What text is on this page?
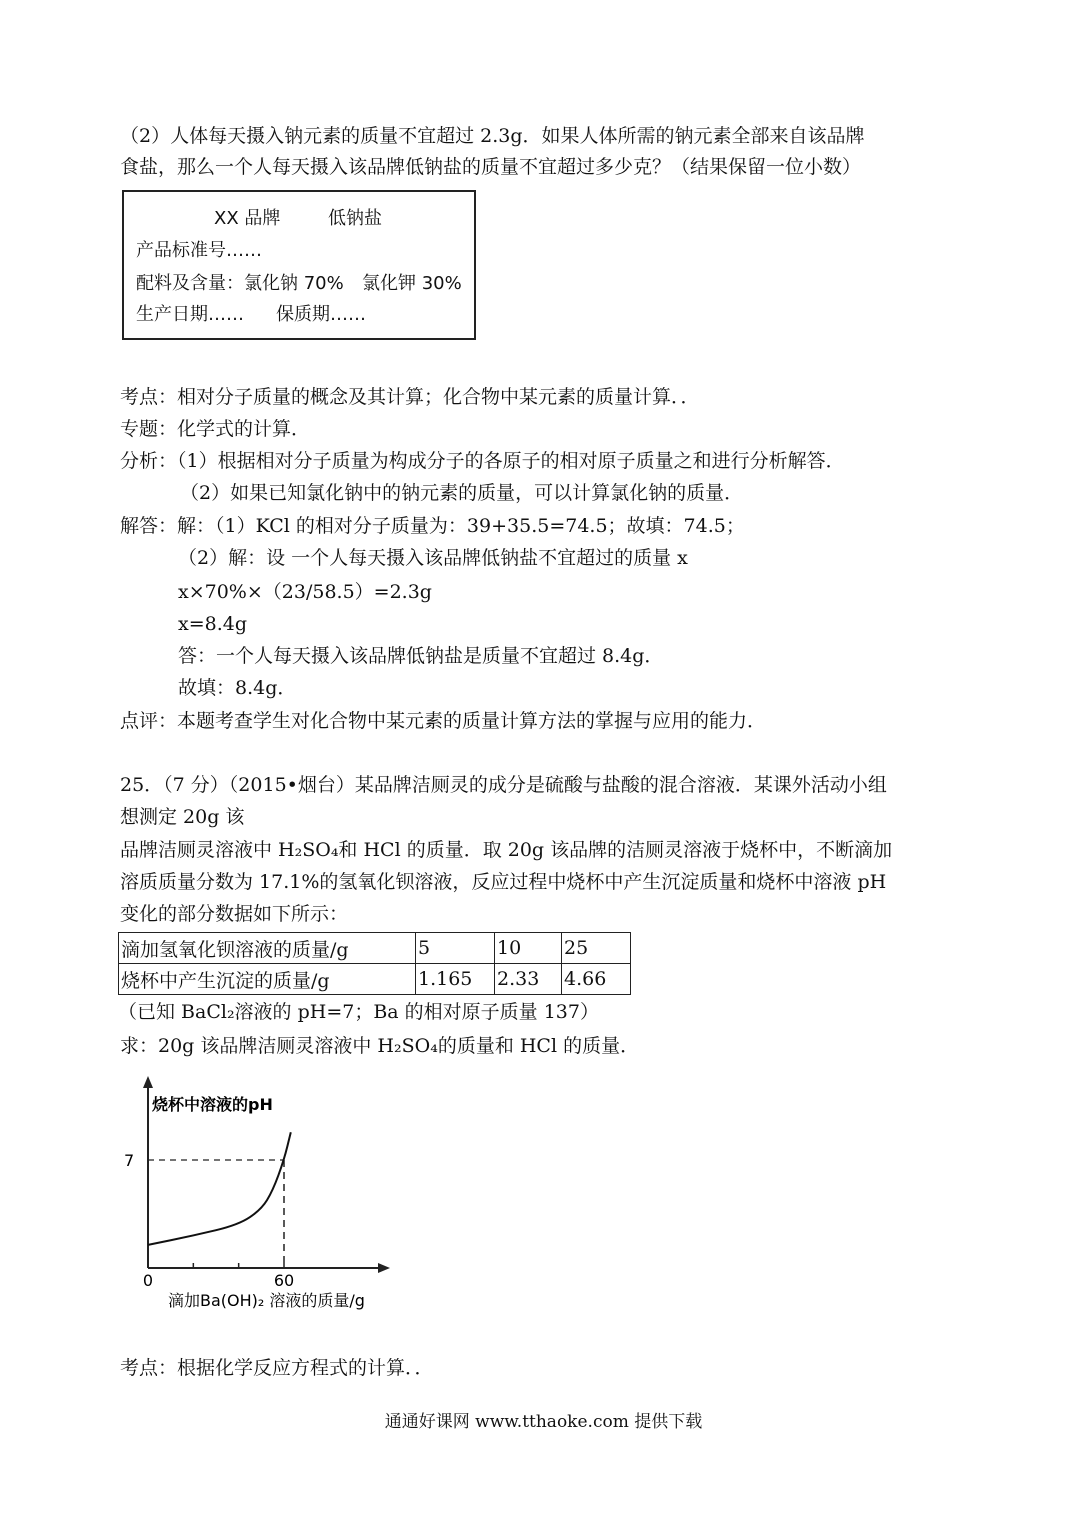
（2）人体每天摄入钠元素的质量不宜超过 2.3g．如果人体所需的钠元素全部来自该品牌
食盐，那么一个人每天摄入该品牌低钠盐的质量不宜超过多少克？（结果保留一位小数）
XX 品牌	低钠盐
产品标准号……
配料及含量： 氯化钠 70% 氯化钾 30%
生产日期…… 保质期……
考点：相对分子质量的概念及其计算；化合物中某元素的质量计算．．
专题：化学式的计算．
分析：（1）根据相对分子质量为构成分子的各原子的相对原子质量之和进行分析解答．
（2）如果已知氯化钠中的钠元素的质量，可以计算氯化钠的质量．
解答：解：（1）KCl 的相对分子质量为：39+35.5=74.5；故填：74.5；
（2）解：设 一个人每天摄入该品牌低钠盐不宜超过的质量 x
x×70%×（23/58.5）=2.3g
x=8.4g
答：一个人每天摄入该品牌低钠盐是质量不宜超过 8.4g．
故填：8.4g．
点评：本题考查学生对化合物中某元素的质量计算方法的掌握与应用的能力．
25．（7 分）（2015•烟台）某品牌洁厕灵的成分是硫酸与盐酸的混合溶液．某课外活动小组
想测定 20g 该
品牌洁厕灵溶液中 H₂SO₄和 HCl 的质量．取 20g 该品牌的洁厕灵溶液于烧杯中，不断滴加
溶质质量分数为 17.1%的氢氧化钡溶液，反应过程中烧杯中产生沉淀质量和烧杯中溶液 pH
变化的部分数据如下所示：
滴加氢氧化钡溶液的质量/g	5	10	25
烧杯中产生沉淀的质量/g	1.165	2.33	4.66
（已知 BaCl₂溶液的 pH=7；Ba 的相对原子质量 137）
求：20g 该品牌洁厕灵溶液中 H₂SO₄的质量和 HCl 的质量．
烧杯中溶液的pH
7
0	60
滴加Ba(OH)₂ 溶液的质量/g
考点：根据化学反应方程式的计算．．
通通好课网 www.tthaoke.com 提供下载
